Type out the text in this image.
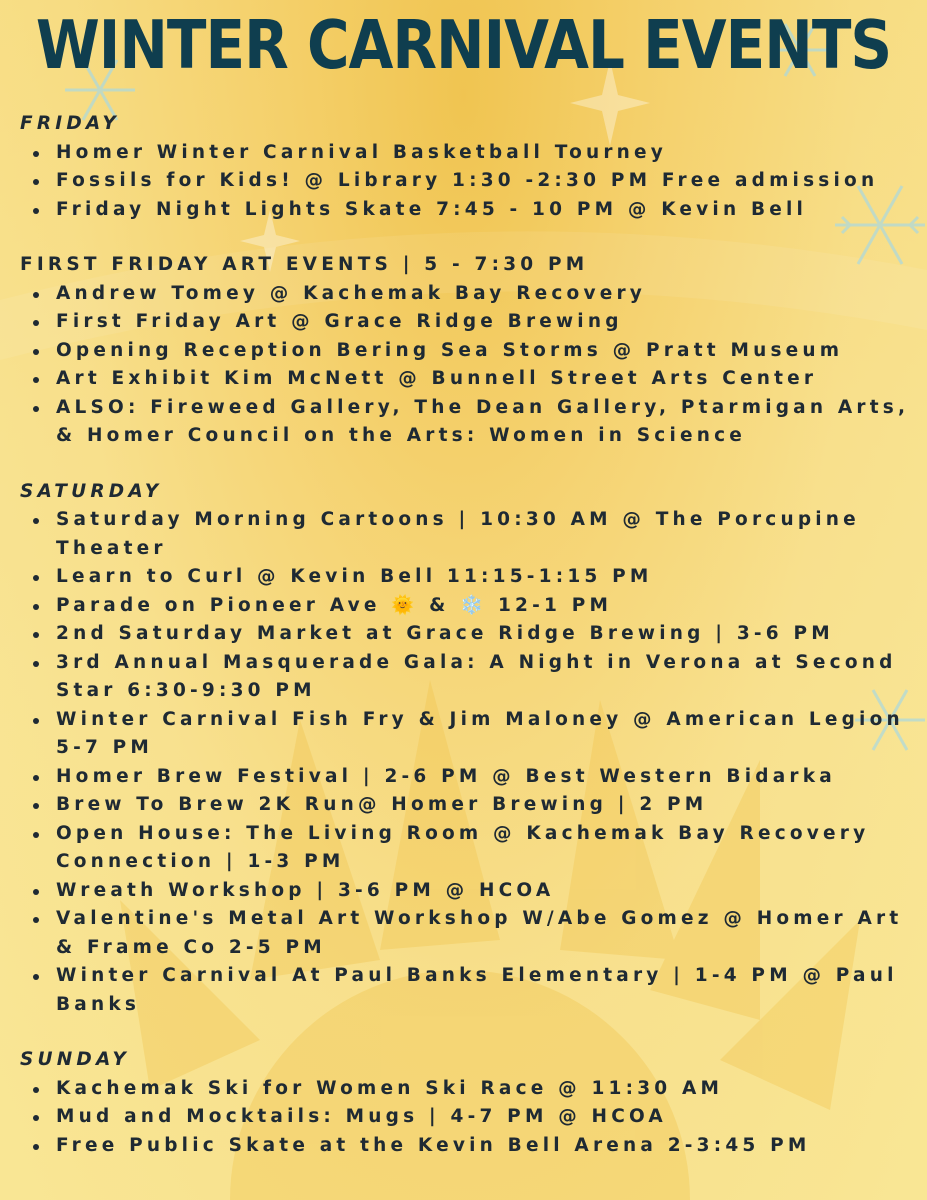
WINTER CARNIVAL EVENTS
FRIDAY
Homer Winter Carnival Basketball Tourney
Fossils for Kids! @ Library 1:30 -2:30 PM Free admission
Friday Night Lights Skate 7:45 - 10 PM @ Kevin Bell
FIRST FRIDAY ART EVENTS | 5 - 7:30 PM
Andrew Tomey @ Kachemak Bay Recovery
First Friday Art @ Grace Ridge Brewing
Opening Reception Bering Sea Storms @ Pratt Museum
Art Exhibit Kim McNett @ Bunnell Street Arts Center
ALSO: Fireweed Gallery, The Dean Gallery, Ptarmigan Arts, & Homer Council on the Arts: Women in Science
SATURDAY
Saturday Morning Cartoons | 10:30 AM @ The Porcupine Theater
Learn to Curl @ Kevin Bell 11:15-1:15 PM
Parade on Pioneer Ave 🌞 & ❄️ 12-1 PM
2nd Saturday Market at Grace Ridge Brewing | 3-6 PM
3rd Annual Masquerade Gala: A Night in Verona at Second Star 6:30-9:30 PM
Winter Carnival Fish Fry & Jim Maloney @ American Legion 5-7 PM
Homer Brew Festival | 2-6 PM @ Best Western Bidarka
Brew To Brew 2K Run@ Homer Brewing | 2 PM
Open House: The Living Room @ Kachemak Bay Recovery Connection | 1-3 PM
Wreath Workshop | 3-6 PM @ HCOA
Valentine's Metal Art Workshop W/Abe Gomez @ Homer Art & Frame Co 2-5 PM
Winter Carnival At Paul Banks Elementary | 1-4 PM @ Paul Banks
SUNDAY
Kachemak Ski for Women Ski Race @ 11:30 AM
Mud and Mocktails: Mugs | 4-7 PM @ HCOA
Free Public Skate at the Kevin Bell Arena 2-3:45 PM
